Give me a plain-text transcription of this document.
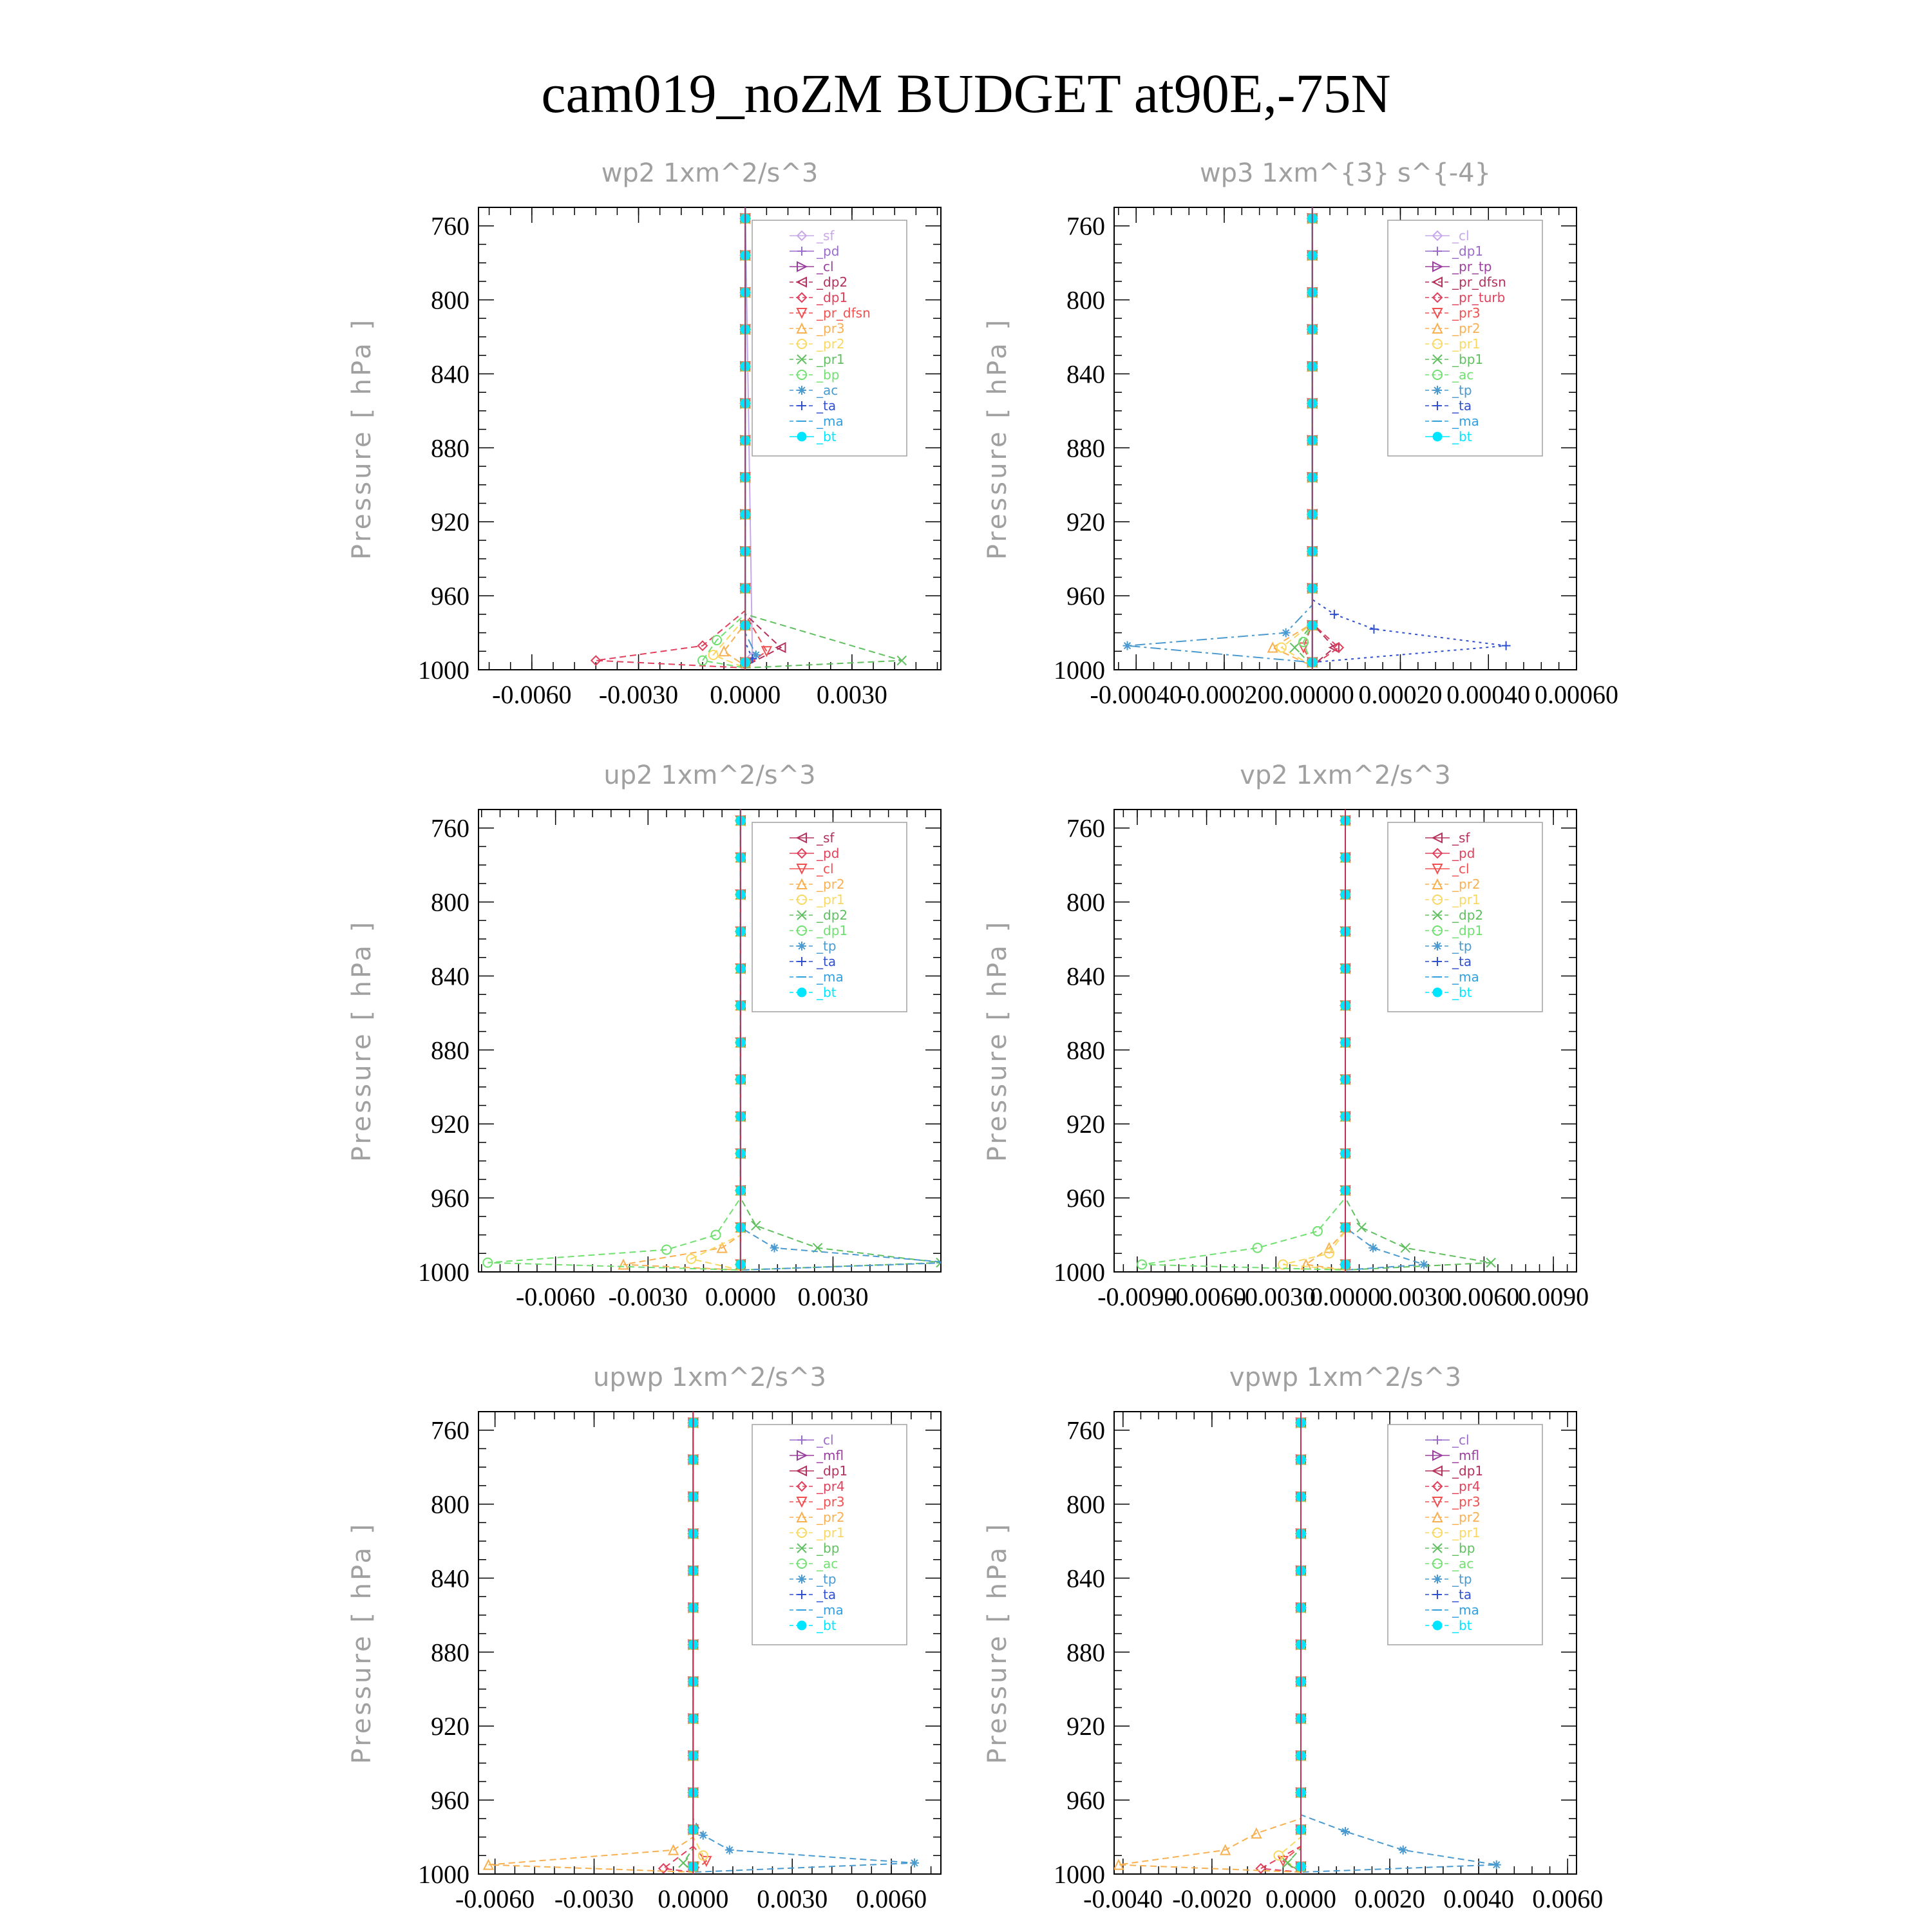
cam019_noZM BUDGET at90E,-75N
wp2 1xm^2/s^3
Pressure [ hPa ]
760
800
840
880
920
960
1000
-0.0060 -0.0030 0.0000 0.0030
_sf
_pd
_cl
_dp2
_dp1
_pr_dfsn
_pr3
_pr2
_pr1
_bp
_ac
_ta
_ma
_bt
wp3 1xm^{3} s^{-4}
Pressure [ hPa ]
760
800
840
880
920
960
1000
-0.00040
-0.00020 0.00000 0.00020 0.00040 0.00060
_cl
_dp1
_pr_tp
_pr_dfsn
_pr_turb
_pr3
_pr2
_pr1
_bp1
_ac
_tp
_ta
_ma
_bt
up2 1xm^2/s^3
Pressure [ hPa ]
760
800
840
880
920
960
1000
-0.0060 -0.0030 0.0000 0.0030
_sf
_pd
_cl
_pr2
_pr1
_dp2
_dp1
_tp
_ta
_ma
_bt
vp2 1xm^2/s^3
Pressure [ hPa ]
760
800
840
880
920
960
1000
-0.0090
-0.0060
-0.0030
0.0000
0.0030
0.0060
0.0090
_sf
_pd
_cl
_pr2
_pr1
_dp2
_dp1
_tp
_ta
_ma
_bt
upwp 1xm^2/s^3
Pressure [ hPa ]
760
800
840
880
920
960
1000
-0.0060 -0.0030 0.0000 0.0030 0.0060
_cl
_mfl
_dp1
_pr4
_pr3
_pr2
_pr1
_bp
_ac
_tp
_ta
_ma
_bt
vpwp 1xm^2/s^3
Pressure [ hPa ]
760
800
840
880
920
960
1000
-0.0040 -0.0020 0.0000 0.0020 0.0040 0.0060
_cl
_mfl
_dp1
_pr4
_pr3
_pr2
_pr1
_bp
_ac
_tp
_ta
_ma
_bt
